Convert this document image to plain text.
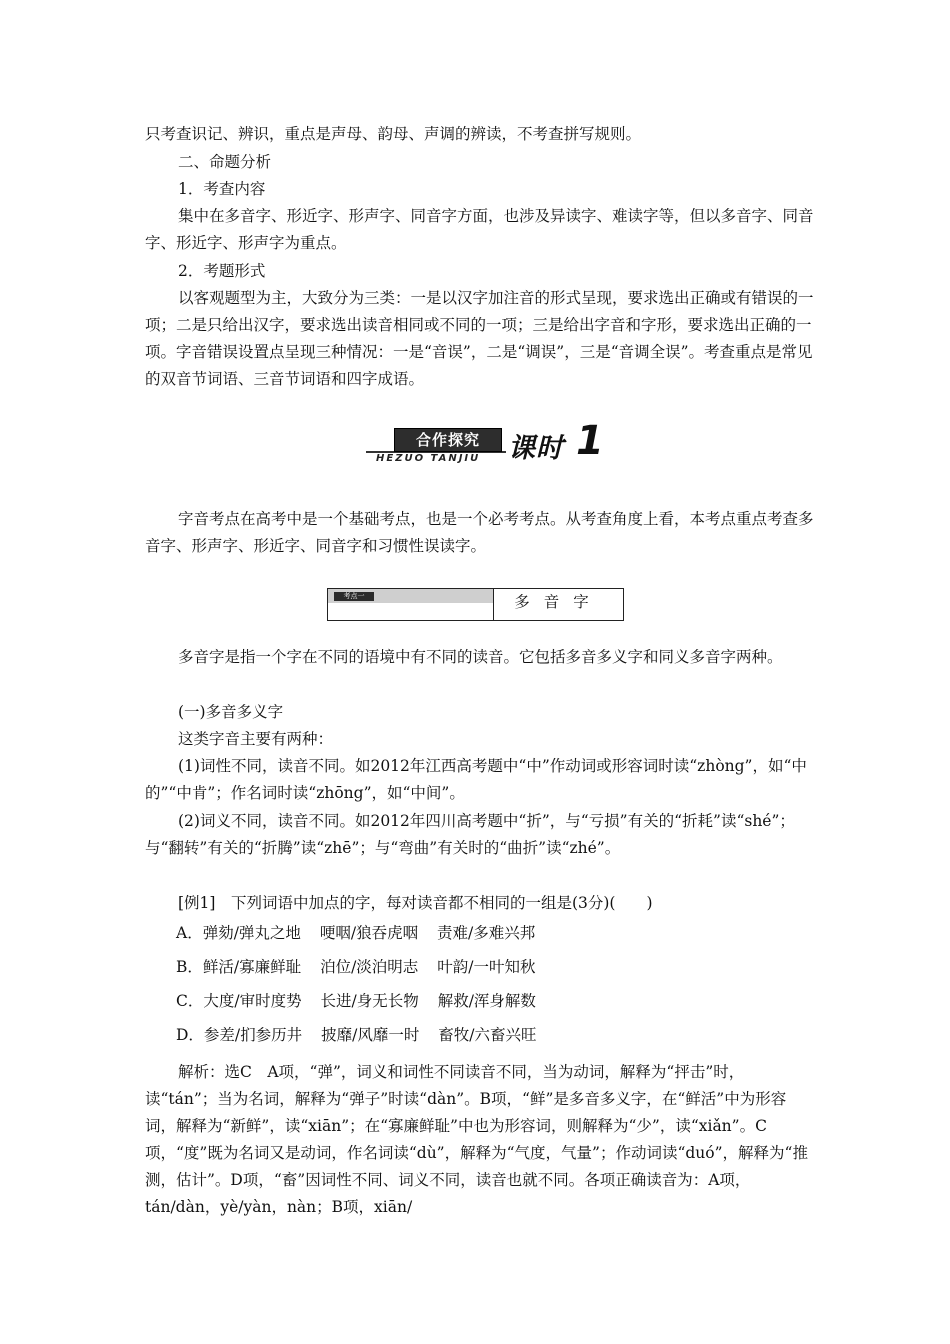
只考查识记、辨识，重点是声母、韵母、声调的辨读，不考查拼写规则。

二、命题分析

1．考查内容

集中在多音字、形近字、形声字、同音字方面，也涉及异读字、难读字等，但以多音字、同音字、形近字、形声字为重点。

2．考题形式

以客观题型为主，大致分为三类：一是以汉字加注音的形式呈现，要求选出正确或有错误的一项；二是只给出汉字，要求选出读音相同或不同的一项；三是给出字音和字形，要求选出正确的一项。字音错误设置点呈现三种情况：一是“音误”，二是“调误”，三是“音调全误”。考查重点是常见的双音节词语、三音节词语和四字成语。

合作探究
HEZUO TANJIU 课时 1

字音考点在高考中是一个基础考点，也是一个必考考点。从考查角度上看，本考点重点考查多音字、形声字、形近字、同音字和习惯性误读字。

考点一	多音字

多音字是指一个字在不同的语境中有不同的读音。它包括多音多义字和同义多音字两种。

(一)多音多义字

这类字音主要有两种：

(1)词性不同，读音不同。如2012年江西高考题中“中”作动词或形容词时读“zhòng”，如“中的”“中肯”；作名词时读“zhōng”，如“中间”。

(2)词义不同，读音不同。如2012年四川高考题中“折”，与“亏损”有关的“折耗”读“shé”；与“翻转”有关的“折腾”读“zhē”；与“弯曲”有关时的“曲折”读“zhé”。

[例1]　下列词语中加点的字，每对读音都不相同的一组是(3分)(　　)

A．弹劾/弹丸之地 哽咽/狼吞虎咽 责难/多难兴邦
B．鲜活/寡廉鲜耻 泊位/淡泊明志 叶韵/一叶知秋
C．大度/审时度势 长进/身无长物 解救/浑身解数
D．参差/扪参历井 披靡/风靡一时 畜牧/六畜兴旺

解析：选C　A项，“弹”，词义和词性不同读音不同，当为动词，解释为“抨击”时，读“tán”；当为名词，解释为“弹子”时读“dàn”。B项，“鲜”是多音多义字，在“鲜活”中为形容词，解释为“新鲜”，读“xiān”；在“寡廉鲜耻”中也为形容词，则解释为“少”，读“xiǎn”。C项，“度”既为名词又是动词，作名词读“dù”，解释为“气度，气量”；作动词读“duó”，解释为“推测，估计”。D项，“畜”因词性不同、词义不同，读音也就不同。各项正确读音为：A项，tán/dàn，yè/yàn，nàn；B项，xiān/
